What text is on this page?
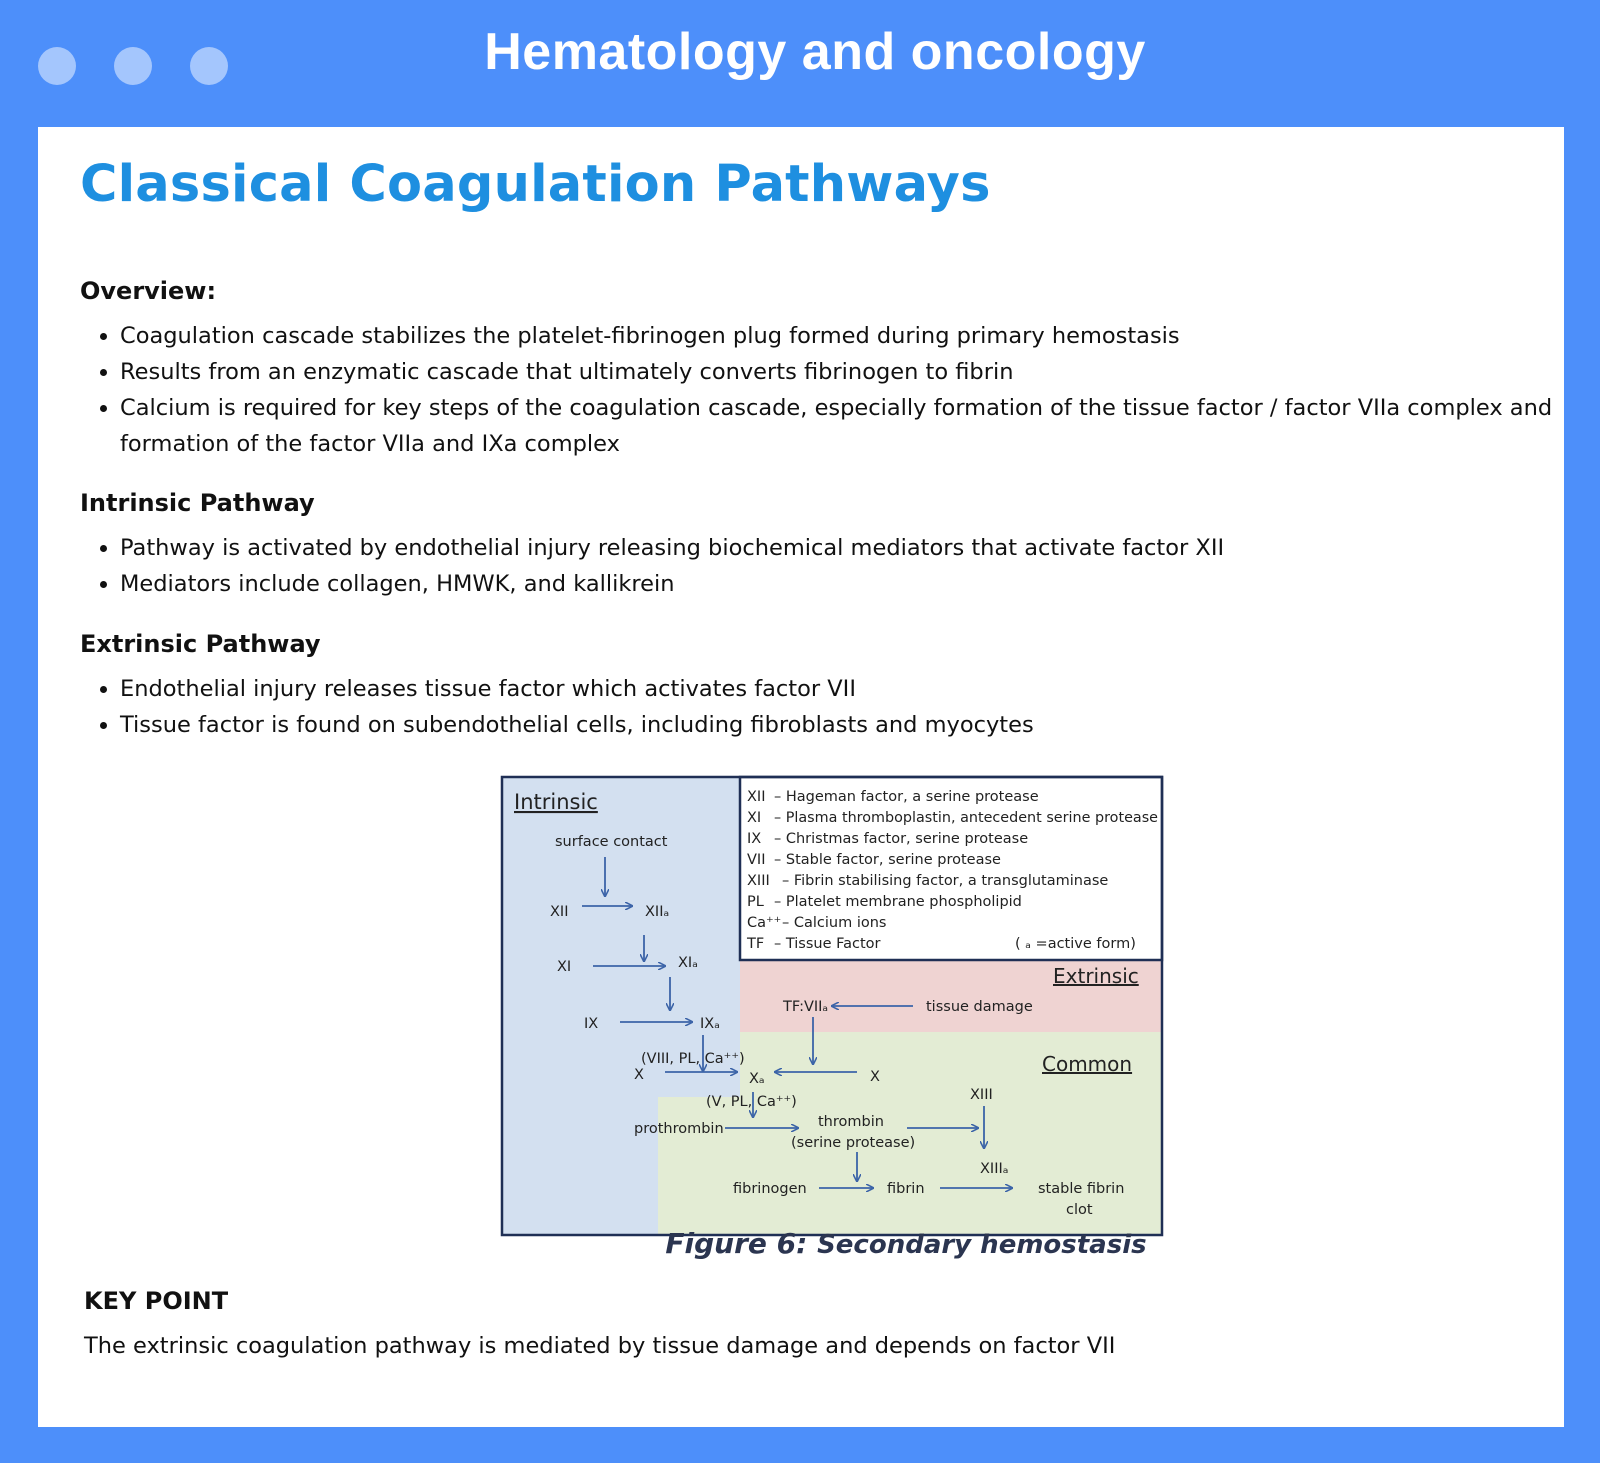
Hematology and oncology
Classical Coagulation Pathways
Overview:
Coagulation cascade stabilizes the platelet-fibrinogen plug formed during primary hemostasis
Results from an enzymatic cascade that ultimately converts fibrinogen to fibrin
Calcium is required for key steps of the coagulation cascade, especially formation of the tissue factor / factor VIIa complex and formation of the factor VIIa and IXa complex
Intrinsic Pathway
Pathway is activated by endothelial injury releasing biochemical mediators that activate factor XII
Mediators include collagen, HMWK, and kallikrein
Extrinsic Pathway
Endothelial injury releases tissue factor which activates factor VII
Tissue factor is found on subendothelial cells, including fibroblasts and myocytes
XII – Hageman factor, a serine protease
XI – Plasma thromboplastin, antecedent serine protease
IX – Christmas factor, serine protease
VII – Stable factor, serine protease
XIII – Fibrin stabilising factor, a transglutaminase
PL – Platelet membrane phospholipid
Ca⁺⁺ – Calcium ions
TF – Tissue Factor	( ₐ =active form)
Intrinsic
Extrinsic
Common
surface contact
XII	XIIₐ
XI	XIₐ
IX	IXₐ
(VIII, PL, Ca⁺⁺)
X	Xₐ	X
TF:VIIₐ	tissue damage
(V, PL, Ca⁺⁺)
prothrombin	thrombin
(serine protease)
XIII
XIIIₐ
fibrinogen	fibrin	stable fibrin
clot
Figure 6: Secondary hemostasis
KEY POINT

The extrinsic coagulation pathway is mediated by tissue damage and depends on factor VII
